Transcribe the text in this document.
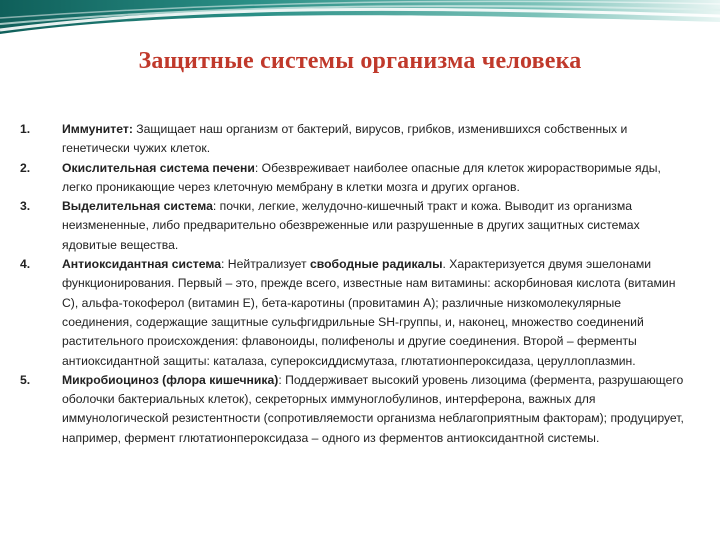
Защитные системы организма человека
1.	Иммунитет: Защищает наш организм от бактерий, вирусов, грибков, изменившихся собственных и генетически чужих клеток.
2.	Окислительная система печени: Обезвреживает наиболее опасные для клеток жирорастворимые яды, легко проникающие через клеточную мембрану в клетки мозга и других органов.
3.	Выделительная система: почки, легкие, желудочно-кишечный тракт и кожа. Выводит из организма неизмененные, либо предварительно обезвреженные или разрушенные в других защитных системах ядовитые вещества.
4.	Антиоксидантная система: Нейтрализует свободные радикалы. Характеризуется двумя эшелонами функционирования. Первый – это, прежде всего, известные нам витамины: аскорбиновая кислота (витамин С), альфа-токоферол (витамин Е), бета-каротины (провитамин А); различные низкомолекулярные соединения, содержащие защитные сульфгидрильные SH-группы, и, наконец, множество соединений растительного происхождения: флавоноиды, полифенолы и другие соединения. Второй – ферменты антиоксидантной защиты: каталаза, супероксиддисмутаза, глютатионпероксидаза, церуллоплазмин.
5.	Микробиоциноз (флора кишечника): Поддерживает высокий уровень лизоцима (фермента, разрушающего оболочки бактериальных клеток), секреторных иммуноглобулинов, интерферона, важных для иммунологической резистентности (сопротивляемости организма неблагоприятным факторам); продуцирует, например, фермент глютатионпероксидаза – одного из ферментов антиоксидантной системы.
